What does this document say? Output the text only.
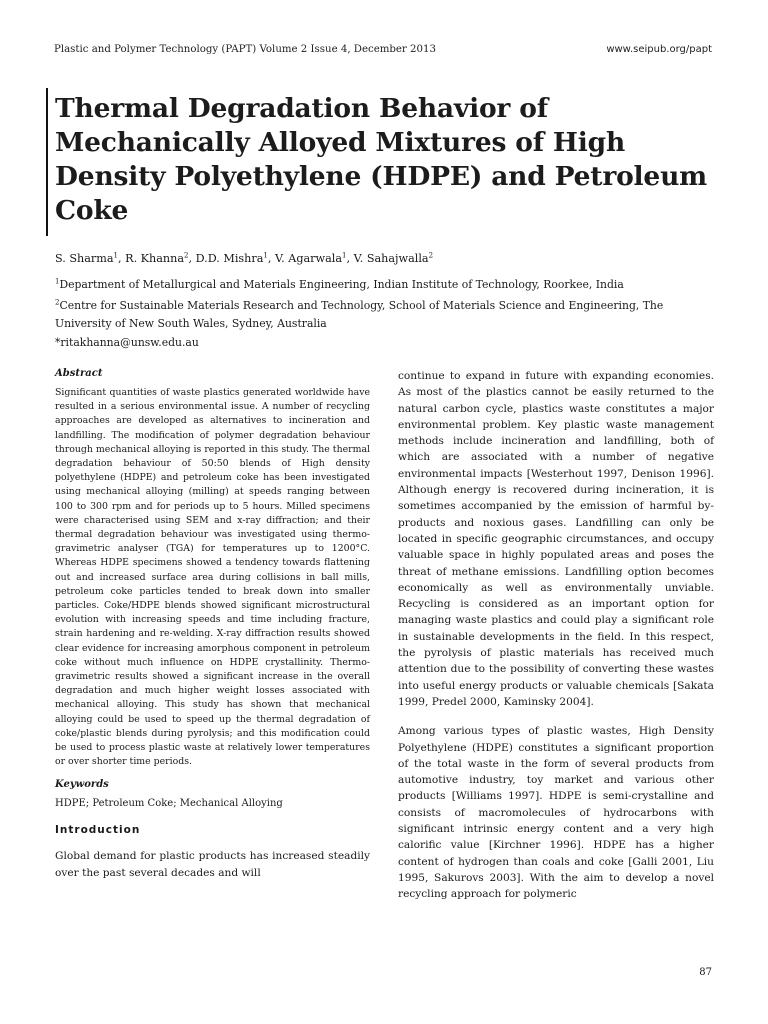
Plastic and Polymer Technology (PAPT) Volume 2 Issue 4, December 2013	www.seipub.org/papt
Thermal Degradation Behavior of Mechanically Alloyed Mixtures of High Density Polyethylene (HDPE) and Petroleum Coke
S. Sharma$^1$, R. Khanna$^2$, D.D. Mishra$^1$, V. Agarwala$^1$, V. Sahajwalla$^2$
$^1$Department of Metallurgical and Materials Engineering, Indian Institute of Technology, Roorkee, India
$^2$Centre for Sustainable Materials Research and Technology, School of Materials Science and Engineering, The University of New South Wales, Sydney, Australia
*ritakhanna@unsw.edu.au

Abstract

Significant quantities of waste plastics generated worldwide have resulted in a serious environmental issue. A number of recycling approaches are developed as alternatives to incineration and landfilling. The modification of polymer degradation behaviour through mechanical alloying is reported in this study. The thermal degradation behaviour of 50:50 blends of High density polyethylene (HDPE) and petroleum coke has been investigated using mechanical alloying (milling) at speeds ranging between 100 to 300 rpm and for periods up to 5 hours. Milled specimens were characterised using SEM and x-ray diffraction; and their thermal degradation behaviour was investigated using thermo-gravimetric analyser (TGA) for temperatures up to 1200°C. Whereas HDPE specimens showed a tendency towards flattening out and increased surface area during collisions in ball mills, petroleum coke particles tended to break down into smaller particles. Coke/HDPE blends showed significant microstructural evolution with increasing speeds and time including fracture, strain hardening and re-welding. X-ray diffraction results showed clear evidence for increasing amorphous component in petroleum coke without much influence on HDPE crystallinity. Thermo-gravimetric results showed a significant increase in the overall degradation and much higher weight losses associated with mechanical alloying. This study has shown that mechanical alloying could be used to speed up the thermal degradation of coke/plastic blends during pyrolysis; and this modification could be used to process plastic waste at relatively lower temperatures or over shorter time periods.

Keywords

HDPE; Petroleum Coke; Mechanical Alloying

Introduction

Global demand for plastic products has increased steadily over the past several decades and will

continue to expand in future with expanding economies. As most of the plastics cannot be easily returned to the natural carbon cycle, plastics waste constitutes a major environmental problem. Key plastic waste management methods include incineration and landfilling, both of which are associated with a number of negative environmental impacts [Westerhout 1997, Denison 1996]. Although energy is recovered during incineration, it is sometimes accompanied by the emission of harmful by-products and noxious gases. Landfilling can only be located in specific geographic circumstances, and occupy valuable space in highly populated areas and poses the threat of methane emissions. Landfilling option becomes economically as well as environmentally unviable. Recycling is considered as an important option for managing waste plastics and could play a significant role in sustainable developments in the field. In this respect, the pyrolysis of plastic materials has received much attention due to the possibility of converting these wastes into useful energy products or valuable chemicals [Sakata 1999, Predel 2000, Kaminsky 2004].

Among various types of plastic wastes, High Density Polyethylene (HDPE) constitutes a significant proportion of the total waste in the form of several products from automotive industry, toy market and various other products [Williams 1997]. HDPE is semi-crystalline and consists of macromolecules of hydrocarbons with significant intrinsic energy content and a very high calorific value [Kirchner 1996]. HDPE has a higher content of hydrogen than coals and coke [Galli 2001, Liu 1995, Sakurovs 2003]. With the aim to develop a novel recycling approach for polymeric

87
